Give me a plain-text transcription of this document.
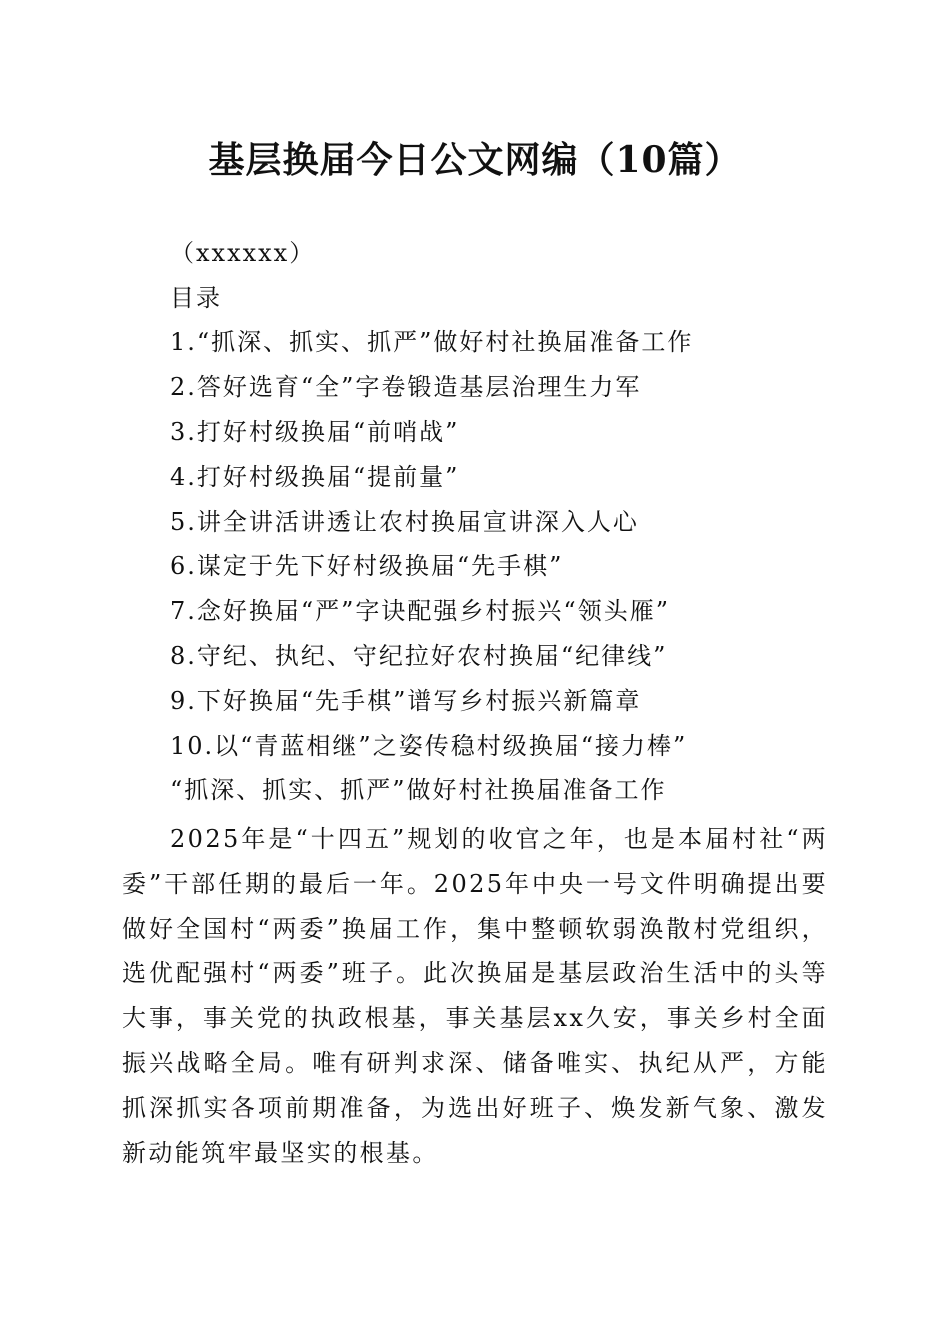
基层换届今日公文网编（10篇）
（xxxxxx）
目录
1.“抓深、抓实、抓严”做好村社换届准备工作
2.答好选育“全”字卷锻造基层治理生力军
3.打好村级换届“前哨战”
4.打好村级换届“提前量”
5.讲全讲活讲透让农村换届宣讲深入人心
6.谋定于先下好村级换届“先手棋”
7.念好换届“严”字诀配强乡村振兴“领头雁”
8.守纪、执纪、守纪拉好农村换届“纪律线”
9.下好换届“先手棋”谱写乡村振兴新篇章
10.以“青蓝相继”之姿传稳村级换届“接力棒”
“抓深、抓实、抓严”做好村社换届准备工作
2025年是“十四五”规划的收官之年，也是本届村社“两委”干部任期的最后一年。2025年中央一号文件明确提出要做好全国村“两委”换届工作，集中整顿软弱涣散村党组织，选优配强村“两委”班子。此次换届是基层政治生活中的头等大事，事关党的执政根基，事关基层xx久安，事关乡村全面振兴战略全局。唯有研判求深、储备唯实、执纪从严，方能抓深抓实各项前期准备，为选出好班子、焕发新气象、激发新动能筑牢最坚实的根基。
